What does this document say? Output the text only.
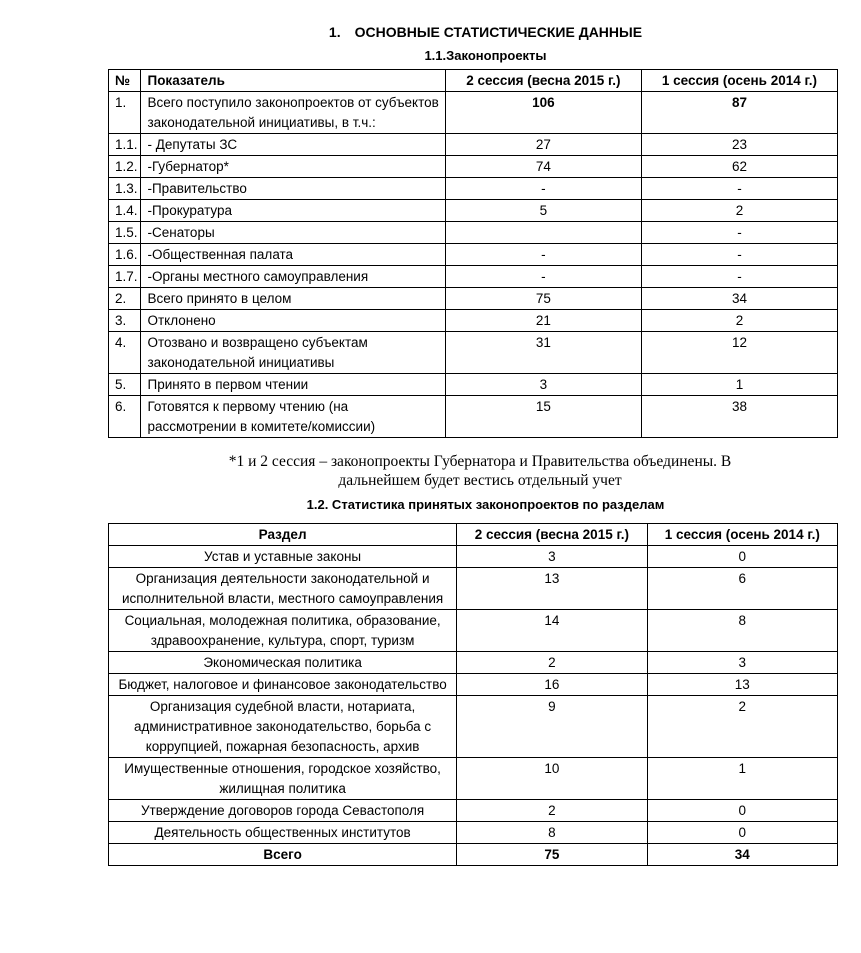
1. ОСНОВНЫЕ СТАТИСТИЧЕСКИЕ ДАННЫЕ
1.1.Законопроекты
№	Показатель	2 сессия (весна 2015 г.)	1 сессия (осень 2014 г.)
1.	Всего поступило законопроектов от субъектов законодательной инициативы, в т.ч.:	106	87
1.1.	- Депутаты ЗС	27	23
1.2.	-Губернатор*	74	62
1.3.	-Правительство	-	-
1.4.	-Прокуратура	5	2
1.5.	-Сенаторы		-
1.6.	-Общественная палата	-	-
1.7.	-Органы местного самоуправления	-	-
2.	Всего принято в целом	75	34
3.	Отклонено	21	2
4.	Отозвано и возвращено субъектам законодательной инициативы	31	12
5.	Принято в первом чтении	3	1
6.	Готовятся к первому чтению (на рассмотрении в комитете/комиссии)	15	38
*1 и 2 сессия – законопроекты Губернатора и Правительства объединены. В
дальнейшем будет вестись отдельный учет
1.2. Статистика принятых законопроектов по разделам
Раздел	2 сессия (весна 2015 г.)	1 сессия (осень 2014 г.)
Устав и уставные законы	3	0
Организация деятельности законодательной и исполнительной власти, местного самоуправления	13	6
Социальная, молодежная политика, образование, здравоохранение, культура, спорт, туризм	14	8
Экономическая политика	2	3
Бюджет, налоговое и финансовое законодательство	16	13
Организация судебной власти, нотариата, административное законодательство, борьба с коррупцией, пожарная безопасность, архив	9	2
Имущественные отношения, городское хозяйство, жилищная политика	10	1
Утверждение договоров города Севастополя	2	0
Деятельность общественных институтов	8	0
Всего	75	34
